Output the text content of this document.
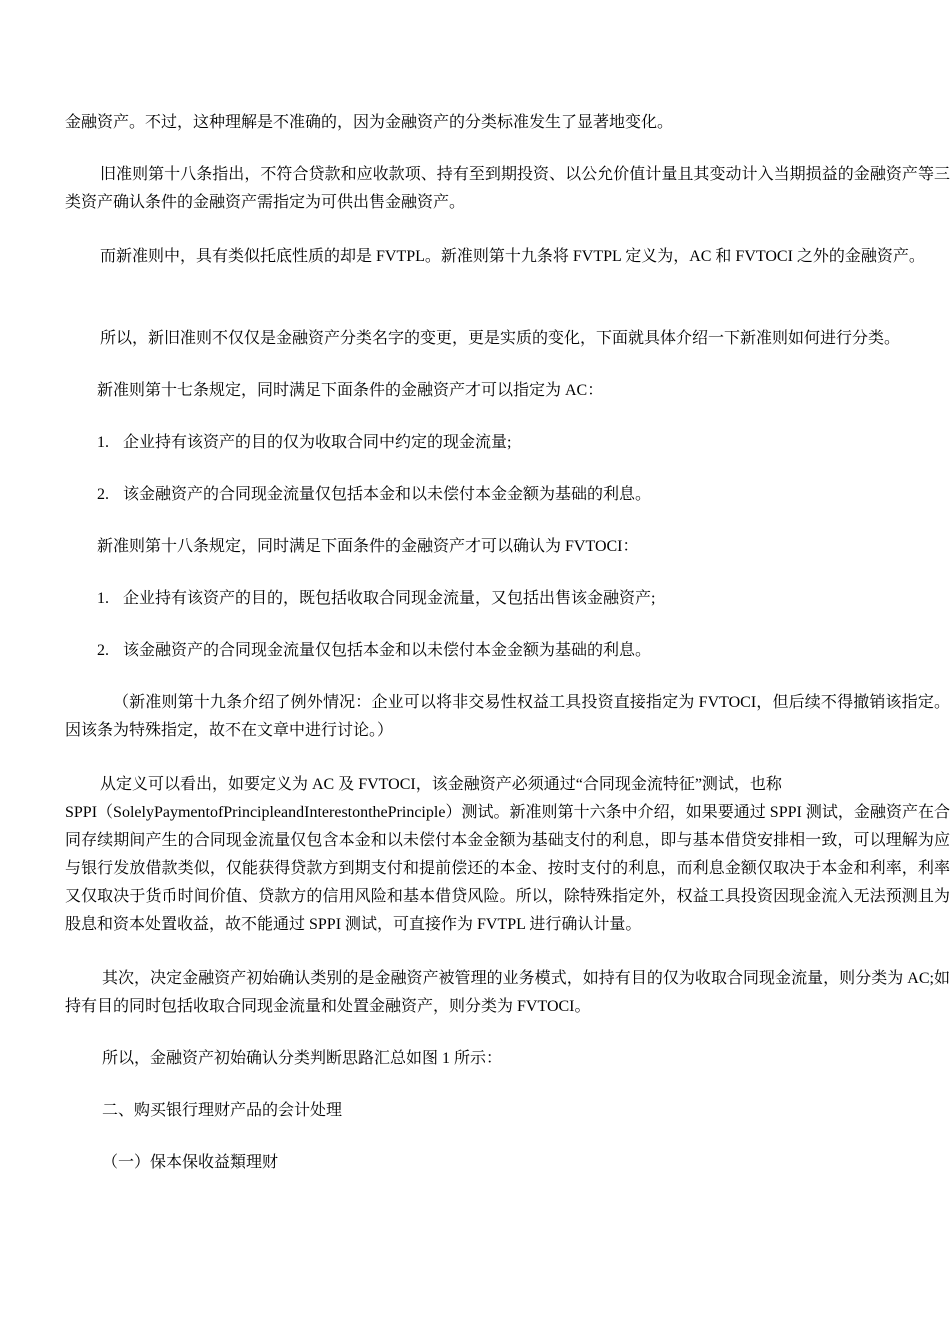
金融资产。不过，这种理解是不准确的，因为金融资产的分类标准发生了显著地变化。

旧准则第十八条指出，不符合贷款和应收款项、持有至到期投资、以公允价值计量且其变动计入当期损益的金融资产等三类资产确认条件的金融资产需指定为可供出售金融资产。

而新准则中，具有类似托底性质的却是 FVTPL。新准则第十九条将 FVTPL 定义为，AC 和 FVTOCI 之外的金融资产。

所以，新旧准则不仅仅是金融资产分类名字的变更，更是实质的变化，下面就具体介绍一下新准则如何进行分类。

新准则第十七条规定，同时满足下面条件的金融资产才可以指定为 AC：

1. 企业持有该资产的目的仅为收取合同中约定的现金流量;

2. 该金融资产的合同现金流量仅包括本金和以未偿付本金金额为基础的利息。

新准则第十八条规定，同时满足下面条件的金融资产才可以确认为 FVTOCI：

1. 企业持有该资产的目的，既包括收取合同现金流量，又包括出售该金融资产;

2. 该金融资产的合同现金流量仅包括本金和以未偿付本金金额为基础的利息。

（新准则第十九条介绍了例外情况：企业可以将非交易性权益工具投资直接指定为 FVTOCI，但后续不得撤销该指定。因该条为特殊指定，故不在文章中进行讨论。）

从定义可以看出，如要定义为 AC 及 FVTOCI，该金融资产必须通过“合同现金流特征”测试，也称

SPPI（SolelyPaymentofPrincipleandInterestonthePrinciple）测试。新准则第十六条中介绍，如果要通过 SPPI 测试，金融资产在合同存续期间产生的合同现金流量仅包含本金和以未偿付本金金额为基础支付的利息，即与基本借贷安排相一致，可以理解为应与银行发放借款类似，仅能获得贷款方到期支付和提前偿还的本金、按时支付的利息，而利息金额仅取决于本金和利率，利率又仅取决于货币时间价值、贷款方的信用风险和基本借贷风险。所以，除特殊指定外，权益工具投资因现金流入无法预测且为股息和资本处置收益，故不能通过 SPPI 测试，可直接作为 FVTPL 进行确认计量。

其次，决定金融资产初始确认类别的是金融资产被管理的业务模式，如持有目的仅为收取合同现金流量，则分类为 AC;如持有目的同时包括收取合同现金流量和处置金融资产，则分类为 FVTOCI。

所以，金融资产初始确认分类判断思路汇总如图 1 所示：

二、购买银行理财产品的会计处理

（一）保本保收益類理财
